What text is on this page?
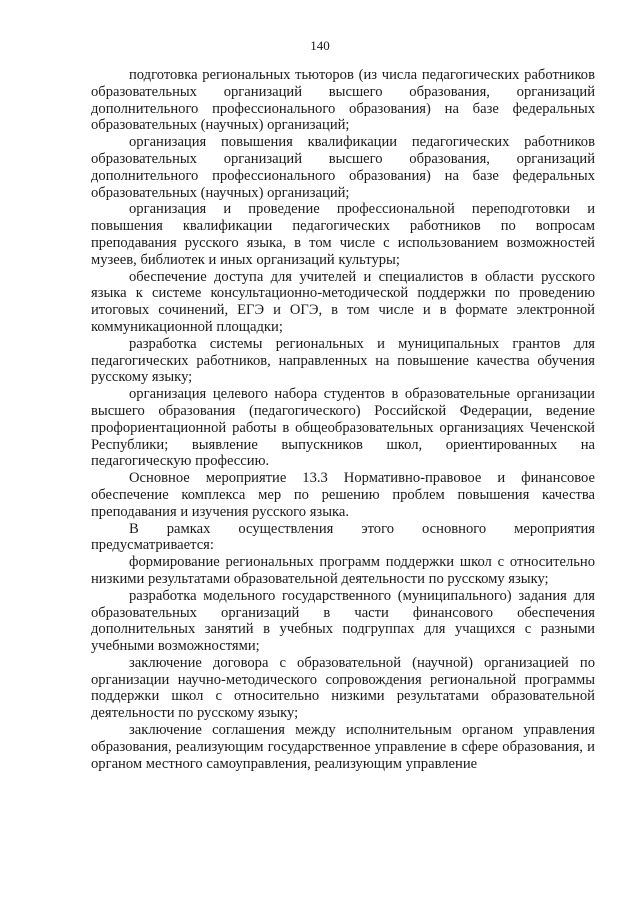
140

подготовка региональных тьюторов (из числа педагогических работников образовательных организаций высшего образования, организаций дополнительного профессионального образования) на базе федеральных образовательных (научных) организаций;

организация повышения квалификации педагогических работников образовательных организаций высшего образования, организаций дополнительного профессионального образования) на базе федеральных образовательных (научных) организаций;

организация и проведение профессиональной переподготовки и повышения квалификации педагогических работников по вопросам преподавания русского языка, в том числе с использованием возможностей музеев, библиотек и иных организаций культуры;

обеспечение доступа для учителей и специалистов в области русского языка к системе консультационно-методической поддержки по проведению итоговых сочинений, ЕГЭ и ОГЭ, в том числе и в формате электронной коммуникационной площадки;

разработка системы региональных и муниципальных грантов для педагогических работников, направленных на повышение качества обучения русскому языку;

организация целевого набора студентов в образовательные организации высшего образования (педагогического) Российской Федерации, ведение профориентационной работы в общеобразовательных организациях Чеченской Республики; выявление выпускников школ, ориентированных на педагогическую профессию.

Основное мероприятие 13.3 Нормативно-правовое и финансовое обеспечение комплекса мер по решению проблем повышения качества преподавания и изучения русского языка.

В рамках осуществления этого основного мероприятия предусматривается:

формирование региональных программ поддержки школ с относительно низкими результатами образовательной деятельности по русскому языку;

разработка модельного государственного (муниципального) задания для образовательных организаций в части финансового обеспечения дополнительных занятий в учебных подгруппах для учащихся с разными учебными возможностями;

заключение договора с образовательной (научной) организацией по организации научно-методического сопровождения региональной программы поддержки школ с относительно низкими результатами образовательной деятельности по русскому языку;

заключение соглашения между исполнительным органом управления образования, реализующим государственное управление в сфере образования, и органом местного самоуправления, реализующим управление
